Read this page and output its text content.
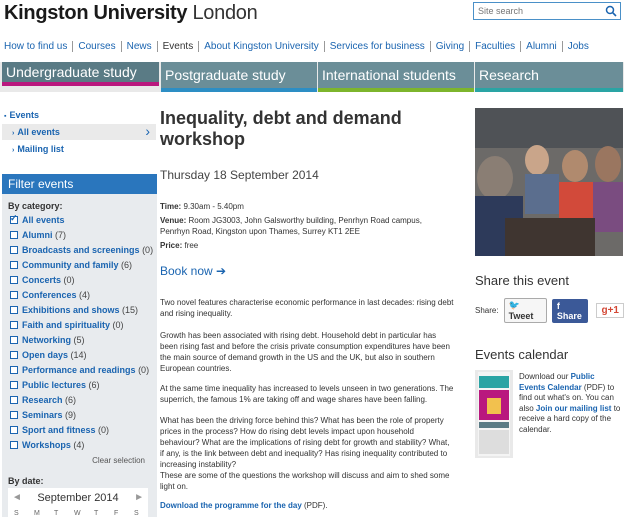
Kingston University London
Site search
How to find us Courses News Events About Kingston University Services for business Giving Faculties Alumni Jobs
Undergraduate study	Postgraduate study	International students	Research
▪ Events
› All events	›
› Mailing list
Filter events
By category:
✓All events
Alumni (7)
Broadcasts and screenings (0)
Community and family (6)
Concerts (0)
Conferences (4)
Exhibitions and shows (15)
Faith and spirituality (0)
Networking (5)
Open days (14)
Performance and readings (0)
Public lectures (6)
Research (6)
Seminars (9)
Sport and fitness (0)
Workshops (4)
Clear selection
By date:
◄	September 2014	►
S M T W T F S
Inequality, debt and demand workshop
Thursday 18 September 2014
Time: 9.30am - 5.40pm
Venue: Room JG3003, John Galsworthy building, Penrhyn Road campus, Penrhyn Road, Kingston upon Thames, Surrey KT1 2EE
Price: free
Book now ➔

Two novel features characterise economic performance in last decades: rising debt and rising inequality.

Growth has been associated with rising debt. Household debt in particular has been rising fast and before the crisis private consumption expenditures have been the main source of demand growth in the US and the UK, but also in southern European countries.

At the same time inequality has increased to levels unseen in two generations. The superrich, the famous 1% are taking off and wage shares have been falling.

What has been the driving force behind this? What has been the role of property prices in the process? How do rising debt levels impact upon household behaviour? What are the implications of rising debt for growth and stability? What, if any, is the link between debt and inequality? Has rising inequality contributed to increasing instability?

These are some of the questions the workshop will discuss and aim to shed some light on.

Download the programme for the day (PDF).
Share this event
Share:
🐦Tweet
f Share	g+1
Events calendar
Download our Public Events Calendar (PDF) to find out what's on. You can also Join our mailing list to receive a hard copy of the calendar.
